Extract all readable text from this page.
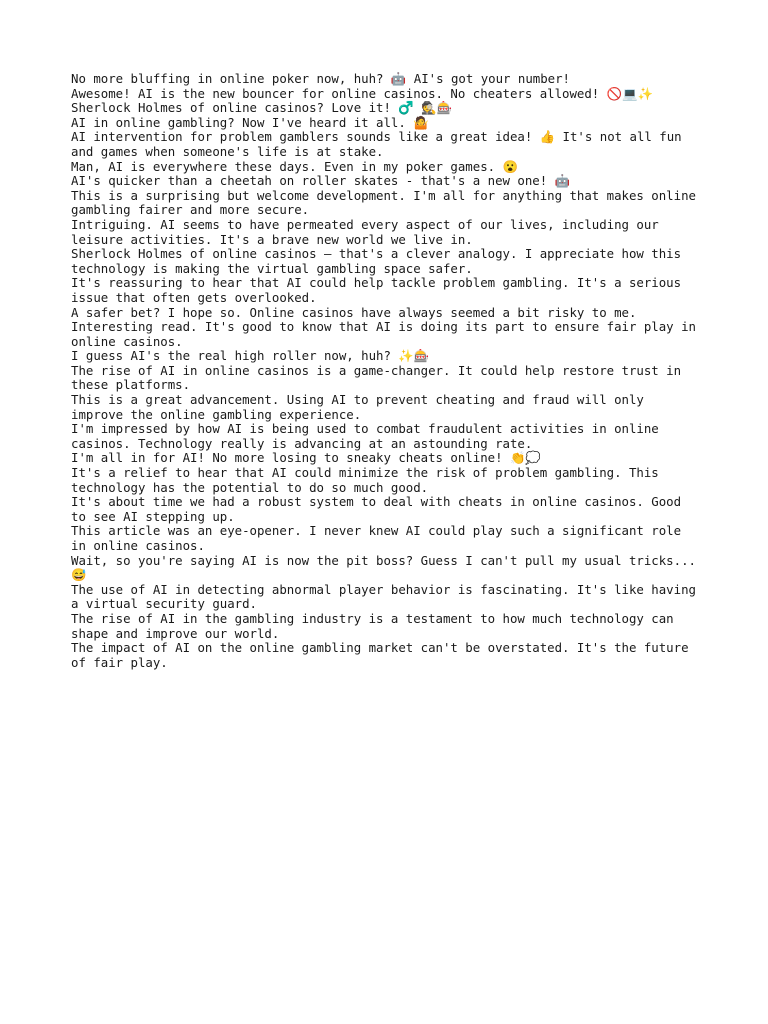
No more bluffing in online poker now, huh? 🤖 AI's got your number!

Awesome! AI is the new bouncer for online casinos. No cheaters allowed! 🚫💻✨

Sherlock Holmes of online casinos? Love it! ♂️ 🕵️🎰

AI in online gambling? Now I've heard it all. 🤷

AI intervention for problem gamblers sounds like a great idea! 👍 It's not all fun and games when someone's life is at stake.

Man, AI is everywhere these days. Even in my poker games. 😮

AI's quicker than a cheetah on roller skates - that's a new one! 🤖

This is a surprising but welcome development. I'm all for anything that makes online gambling fairer and more secure.

Intriguing. AI seems to have permeated every aspect of our lives, including our leisure activities. It's a brave new world we live in.

Sherlock Holmes of online casinos — that's a clever analogy. I appreciate how this technology is making the virtual gambling space safer.

It's reassuring to hear that AI could help tackle problem gambling. It's a serious issue that often gets overlooked.

A safer bet? I hope so. Online casinos have always seemed a bit risky to me.

Interesting read. It's good to know that AI is doing its part to ensure fair play in online casinos.

I guess AI's the real high roller now, huh? ✨🎰

The rise of AI in online casinos is a game-changer. It could help restore trust in these platforms.

This is a great advancement. Using AI to prevent cheating and fraud will only improve the online gambling experience.

I'm impressed by how AI is being used to combat fraudulent activities in online casinos. Technology really is advancing at an astounding rate.

I'm all in for AI! No more losing to sneaky cheats online! 👏💭

It's a relief to hear that AI could minimize the risk of problem gambling. This technology has the potential to do so much good.

It's about time we had a robust system to deal with cheats in online casinos. Good to see AI stepping up.

This article was an eye-opener. I never knew AI could play such a significant role in online casinos.

Wait, so you're saying AI is now the pit boss? Guess I can't pull my usual tricks... 😅

The use of AI in detecting abnormal player behavior is fascinating. It's like having a virtual security guard.

The rise of AI in the gambling industry is a testament to how much technology can shape and improve our world.

The impact of AI on the online gambling market can't be overstated. It's the future of fair play.
